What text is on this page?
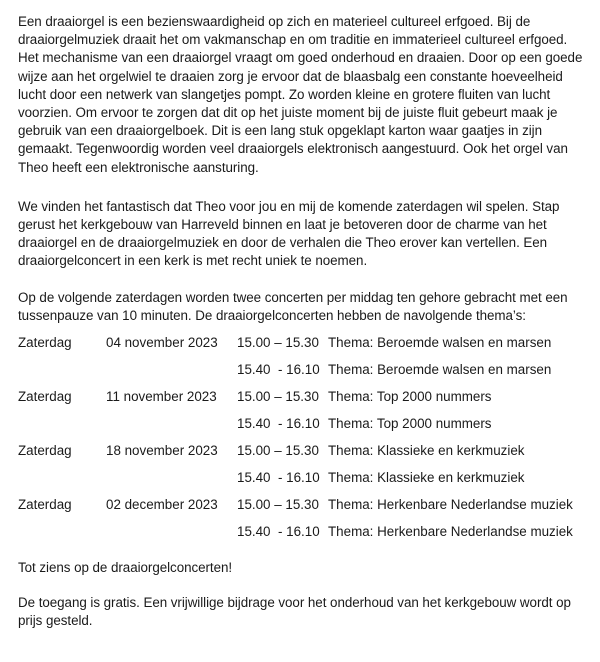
Een draaiorgel is een bezienswaardigheid op zich en materieel cultureel erfgoed. Bij de draaiorgelmuziek draait het om vakmanschap en om traditie en immaterieel cultureel erfgoed. Het mechanisme van een draaiorgel vraagt om goed onderhoud en draaien. Door op een goede wijze aan het orgelwiel te draaien zorg je ervoor dat de blaasbalg een constante hoeveelheid lucht door een netwerk van slangetjes pompt. Zo worden kleine en grotere fluiten van lucht voorzien. Om ervoor te zorgen dat dit op het juiste moment bij de juiste fluit gebeurt maak je gebruik van een draaiorgelboek. Dit is een lang stuk opgeklapt karton waar gaatjes in zijn gemaakt. Tegenwoordig worden veel draaiorgels elektronisch aangestuurd. Ook het orgel van Theo heeft een elektronische aansturing.

We vinden het fantastisch dat Theo voor jou en mij de komende zaterdagen wil spelen. Stap gerust het kerkgebouw van Harreveld binnen en laat je betoveren door de charme van het draaiorgel en de draaiorgelmuziek en door de verhalen die Theo erover kan vertellen. Een draaiorgelconcert in een kerk is met recht uniek te noemen.

Op de volgende zaterdagen worden twee concerten per middag ten gehore gebracht met een tussenpauze van 10 minuten. De draaiorgelconcerten hebben de navolgende thema’s:

Zaterdag	04 november 2023 15.00 – 15.30 Thema: Beroemde walsen en marsen
15.40  - 16.10 Thema: Beroemde walsen en marsen
Zaterdag	11 november 2023 15.00 – 15.30 Thema: Top 2000 nummers
15.40  - 16.10 Thema: Top 2000 nummers
Zaterdag	18 november 2023 15.00 – 15.30 Thema: Klassieke en kerkmuziek
15.40  - 16.10 Thema: Klassieke en kerkmuziek
Zaterdag	02 december 2023 15.00 – 15.30 Thema: Herkenbare Nederlandse muziek
15.40  - 16.10 Thema: Herkenbare Nederlandse muziek

Tot ziens op de draaiorgelconcerten!

De toegang is gratis. Een vrijwillige bijdrage voor het onderhoud van het kerkgebouw wordt op prijs gesteld.
